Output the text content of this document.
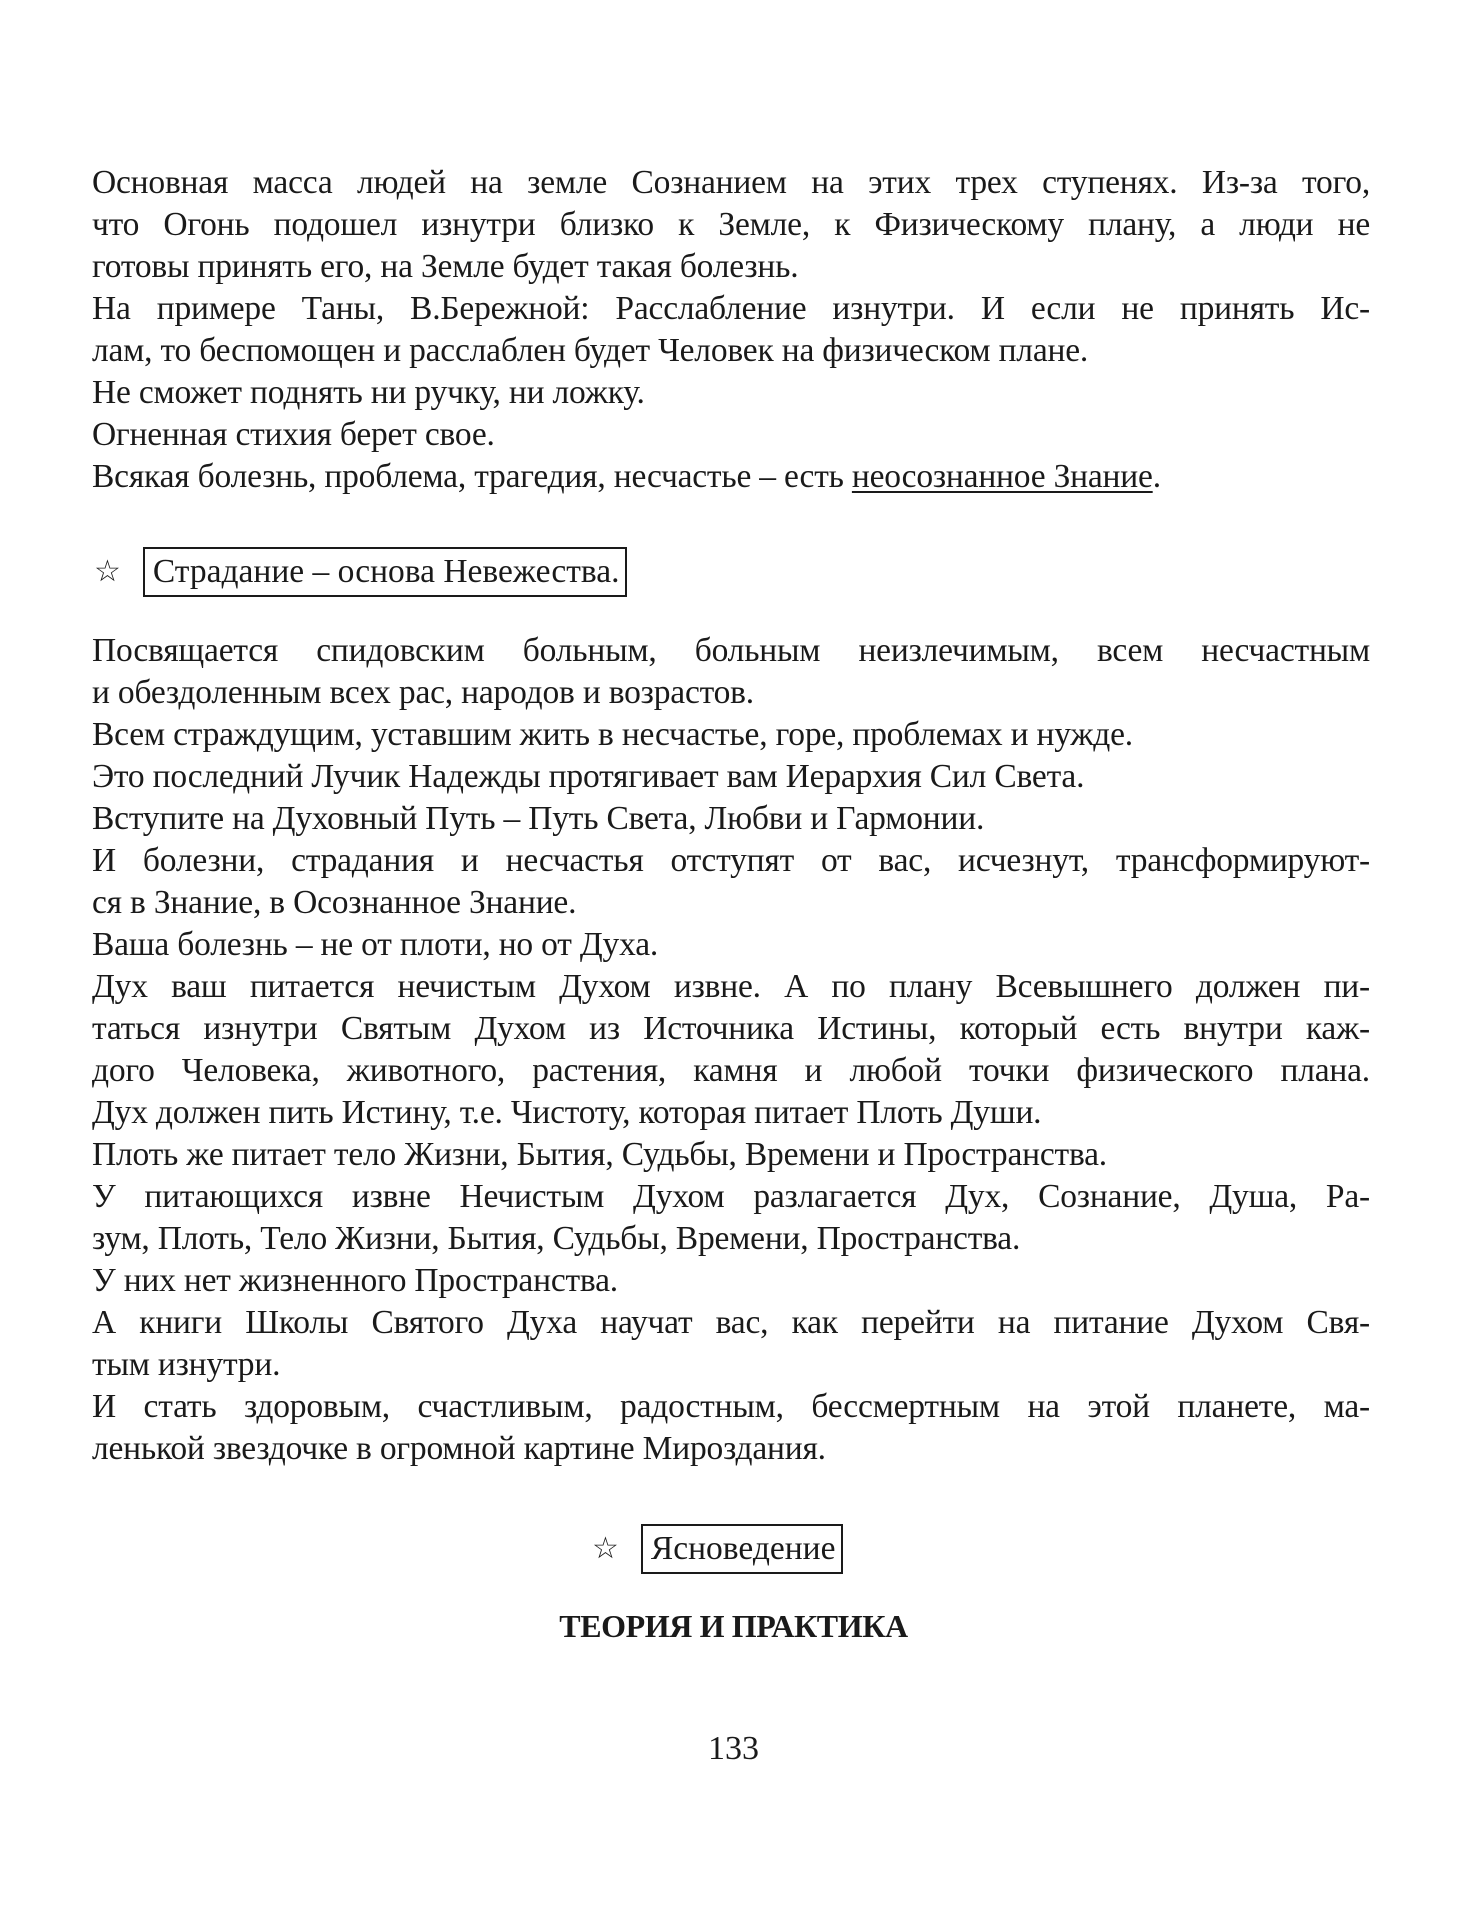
Основная масса людей на земле Сознанием на этих трех ступенях. Из-за того,
что Огонь подошел изнутри близко к Земле, к Физическому плану, а люди не
готовы принять его, на Земле будет такая болезнь.
На примере Таны, В.Бережной: Расслабление изнутри. И если не принять Ис-
лам, то беспомощен и расслаблен будет Человек на физическом плане.
Не сможет поднять ни ручку, ни ложку.
Огненная стихия берет свое.
Всякая болезнь, проблема, трагедия, несчастье – есть неосознанное Знание.
☆ Страдание – основа Невежества.
Посвящается спидовским больным, больным неизлечимым, всем несчастным
и обездоленным всех рас, народов и возрастов.
Всем страждущим, уставшим жить в несчастье, горе, проблемах и нужде.
Это последний Лучик Надежды протягивает вам Иерархия Сил Света.
Вступите на Духовный Путь – Путь Света, Любви и Гармонии.
И болезни, страдания и несчастья отступят от вас, исчезнут, трансформируют-
ся в Знание, в Осознанное Знание.
Ваша болезнь – не от плоти, но от Духа.
Дух ваш питается нечистым Духом извне. А по плану Всевышнего должен пи-
таться изнутри Святым Духом из Источника Истины, который есть внутри каж-
дого Человека, животного, растения, камня и любой точки физического плана.
Дух должен пить Истину, т.е. Чистоту, которая питает Плоть Души.
Плоть же питает тело Жизни, Бытия, Судьбы, Времени и Пространства.
У питающихся извне Нечистым Духом разлагается Дух, Сознание, Душа, Ра-
зум, Плоть, Тело Жизни, Бытия, Судьбы, Времени, Пространства.
У них нет жизненного Пространства.
А книги Школы Святого Духа научат вас, как перейти на питание Духом Свя-
тым изнутри.
И стать здоровым, счастливым, радостным, бессмертным на этой планете, ма-
ленькой звездочке в огромной картине Мироздания.
☆ Ясноведение
ТЕОРИЯ И ПРАКТИКА
133
